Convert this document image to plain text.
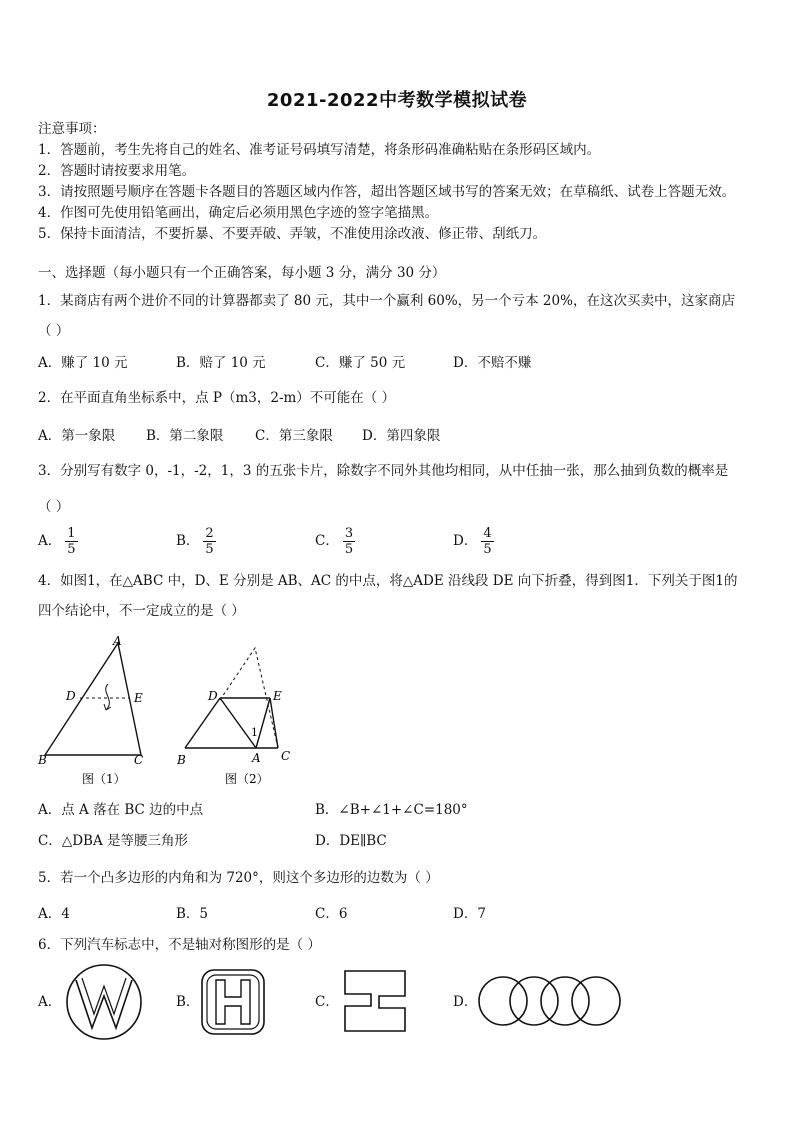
2021-2022中考数学模拟试卷
注意事项：
1．答题前，考生先将自己的姓名、准考证号码填写清楚，将条形码准确粘贴在条形码区域内。
2．答题时请按要求用笔。
3．请按照题号顺序在答题卡各题目的答题区域内作答，超出答题区域书写的答案无效；在草稿纸、试卷上答题无效。
4．作图可先使用铅笔画出，确定后必须用黑色字迹的签字笔描黑。
5．保持卡面清洁，不要折暴、不要弄破、弄皱，不准使用涂改液、修正带、刮纸刀。
一、选择题（每小题只有一个正确答案，每小题 3 分，满分 30 分）
1．某商店有两个进价不同的计算器都卖了 80 元，其中一个赢利 60%，另一个亏本 20%，在这次买卖中，这家商店
（ ）
A．赚了 10 元	B．赔了 10 元	C．赚了 50 元	D．不赔不赚
2．在平面直角坐标系中，点 P（m3，2-m）不可能在（ ）
A．第一象限 B．第二象限 C．第三象限 D．第四象限
3．分别写有数字 0，-1，-2，1，3 的五张卡片，除数字不同外其他均相同，从中任抽一张，那么抽到负数的概率是
（ ）
A． $\frac{1}{5}$	B． $\frac{2}{5}$	C． $\frac{3}{5}$	D． $\frac{4}{5}$
4．如图1，在△ABC 中，D、E 分别是 AB、AC 的中点，将△ADE 沿线段 DE 向下折叠，得到图1．下列关于图1的
四个结论中，不一定成立的是（ ）
A
D	E
B	C
图（1）
D	E
1
B	A C
图（2）
A．点 A 落在 BC 边的中点	B．∠B+∠1+∠C=180°
C．△DBA 是等腰三角形	D．DE∥BC
5．若一个凸多边形的内角和为 720°，则这个多边形的边数为（ ）
A．4	B．5	C．6	D．7
6．下列汽车标志中，不是轴对称图形的是（ ）
A．	B．	C．	D．
